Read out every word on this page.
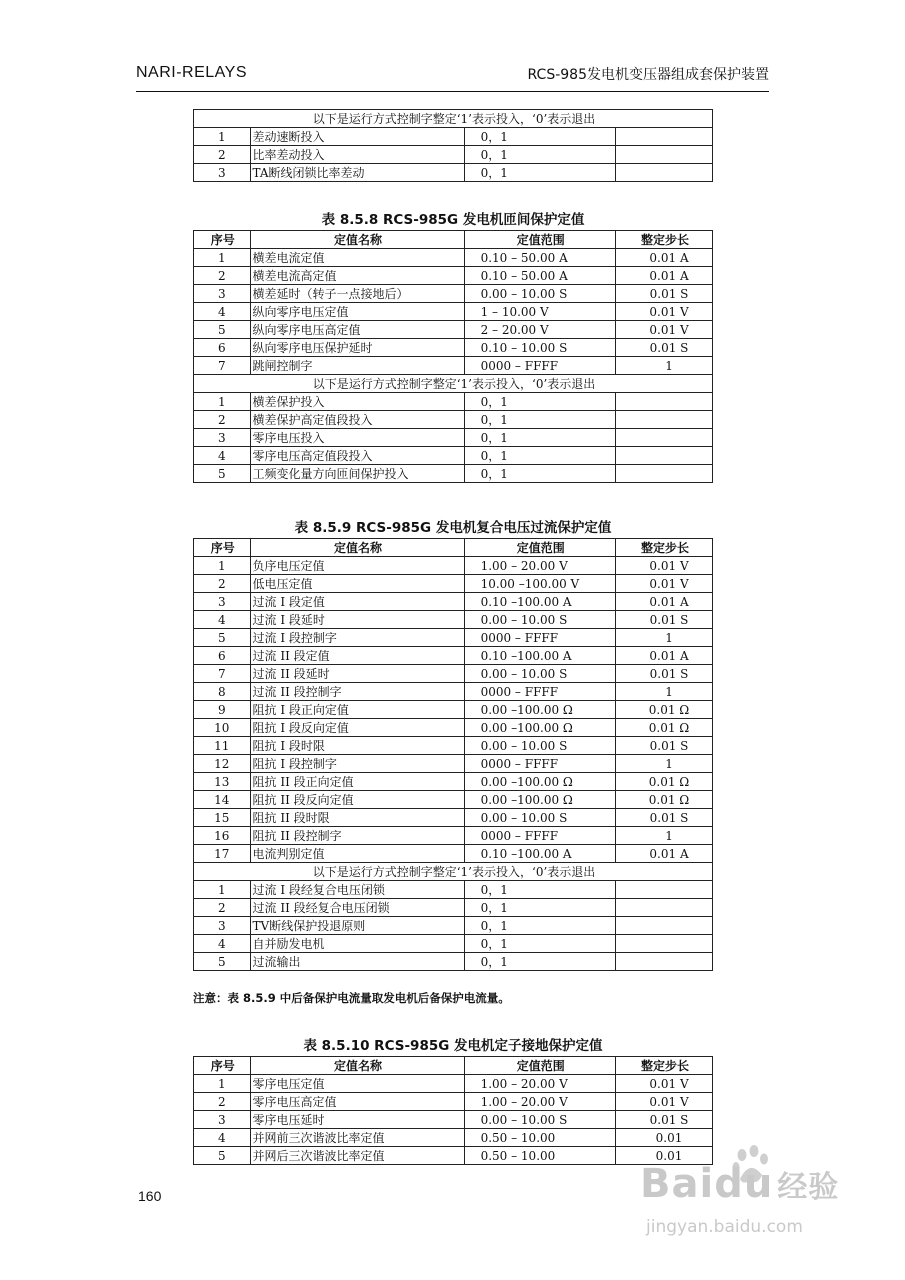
NARI-RELAYS	RCS-985发电机变压器组成套保护装置
以下是运行方式控制字整定‘1’表示投入，‘0’表示退出			
1	差动速断投入	0，1	
2	比率差动投入	0，1	
3	TA断线闭锁比率差动	0，1	
表 8.5.8 RCS-985G 发电机匝间保护定值
序号	定值名称	定值范围	整定步长
1	横差电流定值	0.10 – 50.00 A	0.01 A
2	横差电流高定值	0.10 – 50.00 A	0.01 A
3	横差延时（转子一点接地后）	0.00 – 10.00 S	0.01 S
4	纵向零序电压定值	1 – 10.00 V	0.01 V
5	纵向零序电压高定值	2 – 20.00 V	0.01 V
6	纵向零序电压保护延时	0.10 – 10.00 S	0.01 S
7	跳闸控制字	0000 – FFFF	1
以下是运行方式控制字整定‘1’表示投入，‘0’表示退出			
1	横差保护投入	0，1	
2	横差保护高定值段投入	0，1	
3	零序电压投入	0，1	
4	零序电压高定值段投入	0，1	
5	工频变化量方向匝间保护投入	0，1	
表 8.5.9 RCS-985G 发电机复合电压过流保护定值
序号	定值名称	定值范围	整定步长
1	负序电压定值	1.00 – 20.00 V	0.01 V
2	低电压定值	10.00 –100.00 V	0.01 V
3	过流 I 段定值	0.10 –100.00 A	0.01 A
4	过流 I 段延时	0.00 – 10.00 S	0.01 S
5	过流 I 段控制字	0000 – FFFF	1
6	过流 II 段定值	0.10 –100.00 A	0.01 A
7	过流 II 段延时	0.00 – 10.00 S	0.01 S
8	过流 II 段控制字	0000 – FFFF	1
9	阻抗 I 段正向定值	0.00 –100.00 Ω	0.01 Ω
10	阻抗 I 段反向定值	0.00 –100.00 Ω	0.01 Ω
11	阻抗 I 段时限	0.00 – 10.00 S	0.01 S
12	阻抗 I 段控制字	0000 – FFFF	1
13	阻抗 II 段正向定值	0.00 –100.00 Ω	0.01 Ω
14	阻抗 II 段反向定值	0.00 –100.00 Ω	0.01 Ω
15	阻抗 II 段时限	0.00 – 10.00 S	0.01 S
16	阻抗 II 段控制字	0000 – FFFF	1
17	电流判别定值	0.10 –100.00 A	0.01 A
以下是运行方式控制字整定‘1’表示投入，‘0’表示退出			
1	过流 I 段经复合电压闭锁	0，1	
2	过流 II 段经复合电压闭锁	0，1	
3	TV断线保护投退原则	0，1	
4	自并励发电机	0，1	
5	过流输出	0，1	
注意：表 8.5.9 中后备保护电流量取发电机后备保护电流量。
表 8.5.10 RCS-985G 发电机定子接地保护定值
序号	定值名称	定值范围	整定步长
1	零序电压定值	1.00 – 20.00 V	0.01 V
2	零序电压高定值	1.00 – 20.00 V	0.01 V
3	零序电压延时	0.00 – 10.00 S	0.01 S
4	并网前三次谐波比率定值	0.50 – 10.00	0.01
5	并网后三次谐波比率定值	0.50 – 10.00	0.01
160	Baidu 经验
jingyan.baidu.com
